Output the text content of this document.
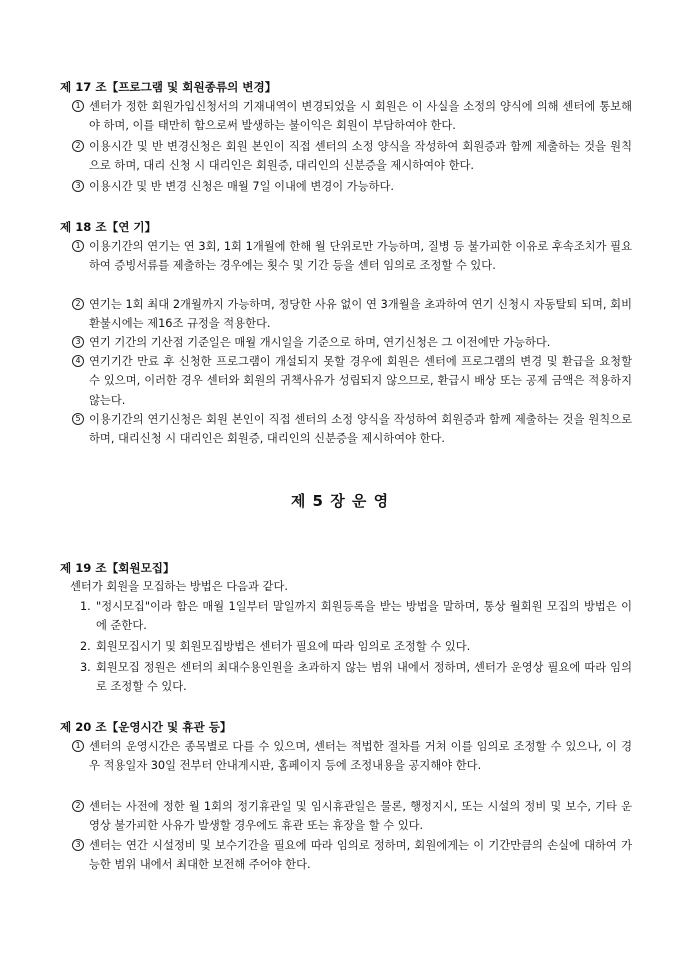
제 17 조【프로그램 및 회원종류의 변경】
1 센터가 정한 회원가입신청서의 기재내역이 변경되었을 시 회원은 이 사실을 소정의 양식에 의해 센터에 통보해야 하며, 이를 태만히 함으로써 발생하는 불이익은 회원이 부담하여야 한다.
2 이용시간 및 반 변경신청은 회원 본인이 직접 센터의 소정 양식을 작성하여 회원증과 함께 제출하는 것을 원칙으로 하며, 대리 신청 시 대리인은 회원증, 대리인의 신분증을 제시하여야 한다.
3 이용시간 및 반 변경 신청은 매월 7일 이내에 변경이 가능하다.
제 18 조【연 기】
1 이용기간의 연기는 연 3회, 1회 1개월에 한해 월 단위로만 가능하며, 질병 등 불가피한 이유로 후속조치가 필요하여 증빙서류를 제출하는 경우에는 횟수 및 기간 등을 센터 임의로 조정할 수 있다.
2 연기는 1회 최대 2개월까지 가능하며, 정당한 사유 없이 연 3개월을 초과하여 연기 신청시 자동탈퇴 되며, 회비 환불시에는 제16조 규정을 적용한다.
3 연기 기간의 기산점 기준일은 매월 개시일을 기준으로 하며, 연기신청은 그 이전에만 가능하다.
4 연기기간 만료 후 신청한 프로그램이 개설되지 못할 경우에 회원은 센터에 프로그램의 변경 및 환급을 요청할 수 있으며, 이러한 경우 센터와 회원의 귀책사유가 성립되지 않으므로, 환급시 배상 또는 공제 금액은 적용하지 않는다.
5 이용기간의 연기신청은 회원 본인이 직접 센터의 소정 양식을 작성하여 회원증과 함께 제출하는 것을 원칙으로 하며, 대리신청 시 대리인은 회원증, 대리인의 신분증을 제시하여야 한다.
제 5 장 운 영
제 19 조【회원모집】
센터가 회원을 모집하는 방법은 다음과 같다.
1. "정시모집"이라 함은 매월 1일부터 말일까지 회원등록을 받는 방법을 말하며, 통상 월회원 모집의 방법은 이에 준한다.
2. 회원모집시기 및 회원모집방법은 센터가 필요에 따라 임의로 조정할 수 있다.
3. 회원모집 정원은 센터의 최대수용인원을 초과하지 않는 범위 내에서 정하며, 센터가 운영상 필요에 따라 임의로 조정할 수 있다.
제 20 조【운영시간 및 휴관 등】
1 센터의 운영시간은 종목별로 다를 수 있으며, 센터는 적법한 절차를 거쳐 이를 임의로 조정할 수 있으나, 이 경우 적용일자 30일 전부터 안내게시판, 홈페이지 등에 조정내용을 공지해야 한다.
2 센터는 사전에 정한 월 1회의 정기휴관일 및 임시휴관일은 물론, 행정지시, 또는 시설의 정비 및 보수, 기타 운영상 불가피한 사유가 발생할 경우에도 휴관 또는 휴장을 할 수 있다.
3 센터는 연간 시설정비 및 보수기간을 필요에 따라 임의로 정하며, 회원에게는 이 기간만큼의 손실에 대하여 가능한 범위 내에서 최대한 보전해 주어야 한다.
